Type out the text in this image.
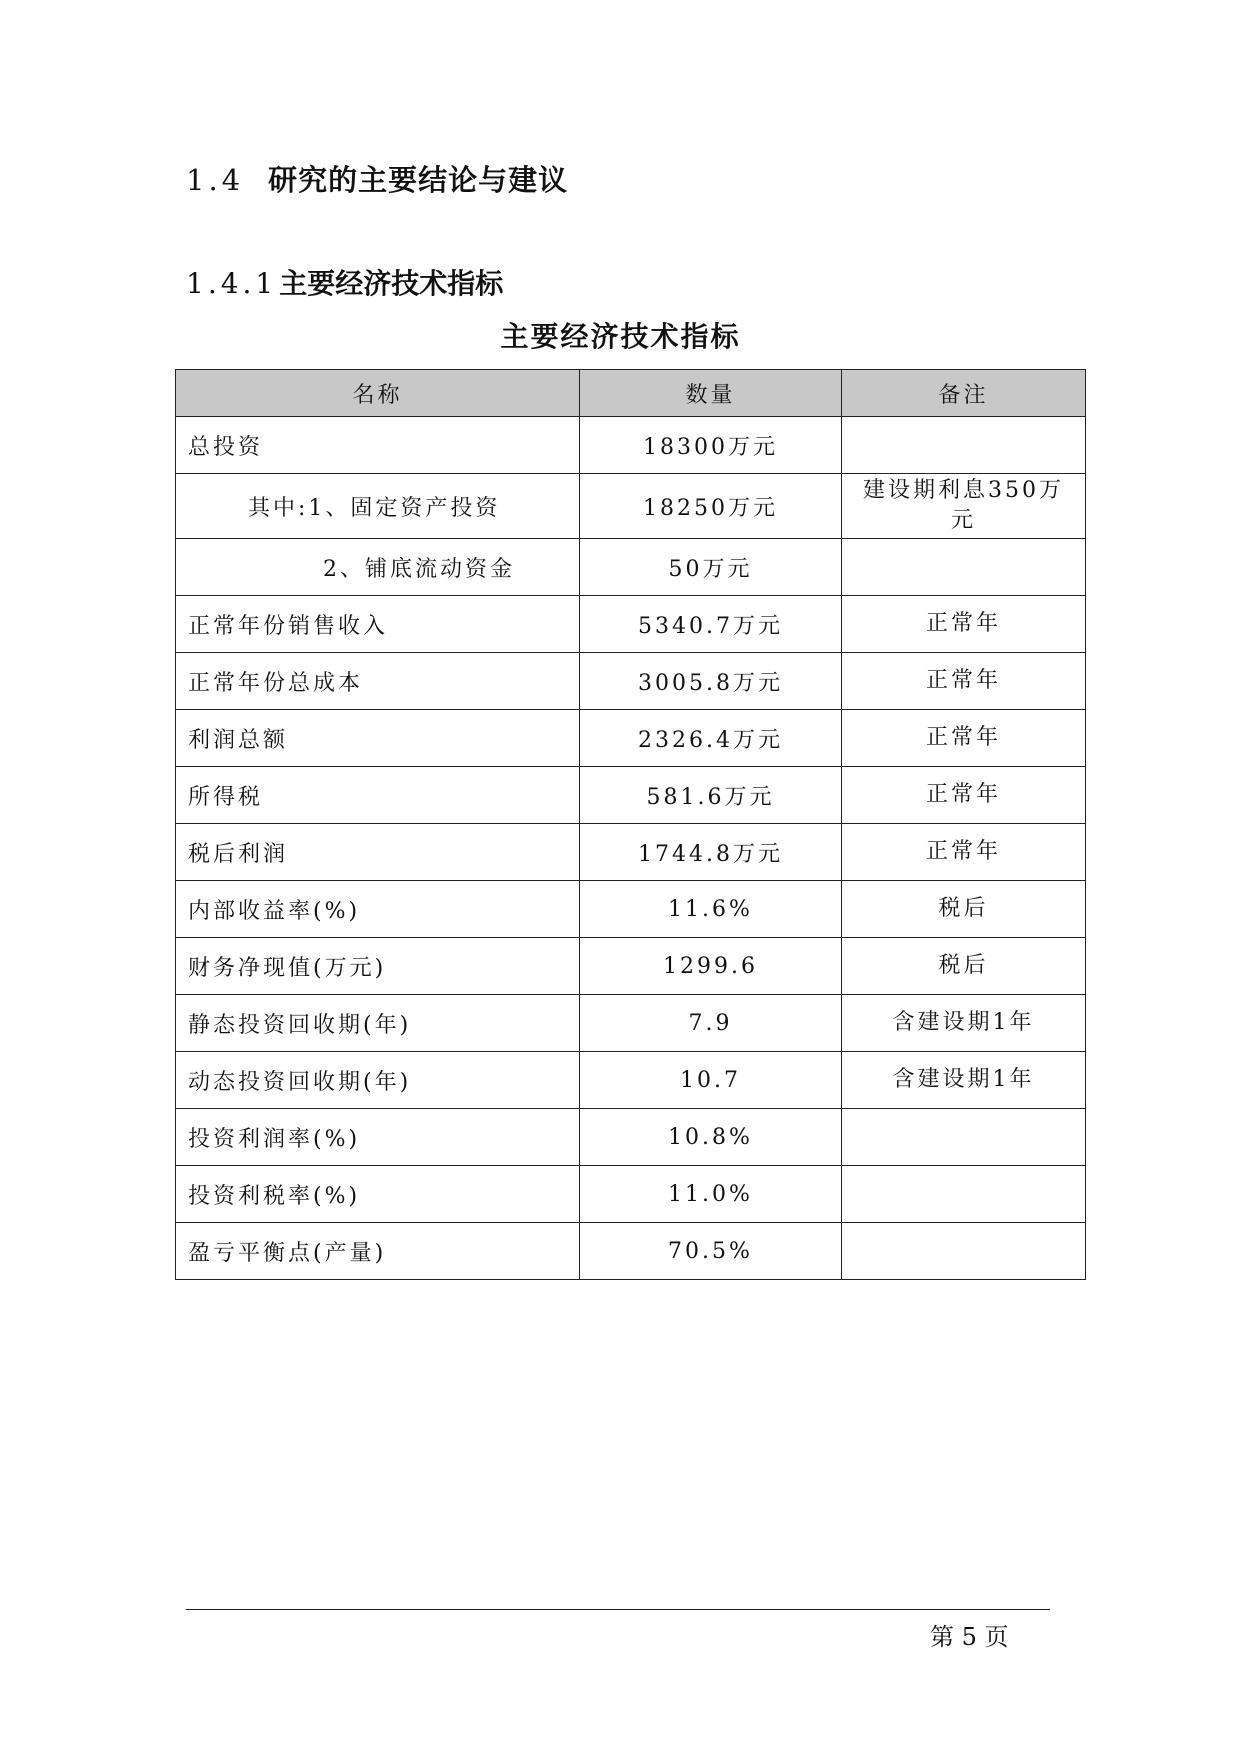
1.4 研究的主要结论与建议
1.4.1主要经济技术指标
主要经济技术指标
名称	数量	备注
总投资	18300万元	
其中:1、固定资产投资	18250万元	建设期利息350万元
2、铺底流动资金	50万元	
正常年份销售收入	5340.7万元	正常年
正常年份总成本	3005.8万元	正常年
利润总额	2326.4万元	正常年
所得税	581.6万元	正常年
税后利润	1744.8万元	正常年
内部收益率(%)	11.6%	税后
财务净现值(万元)	1299.6	税后
静态投资回收期(年)	7.9	含建设期1年
动态投资回收期(年)	10.7	含建设期1年
投资利润率(%)	10.8%	
投资利税率(%)	11.0%	
盈亏平衡点(产量)	70.5%	
第 5 页
